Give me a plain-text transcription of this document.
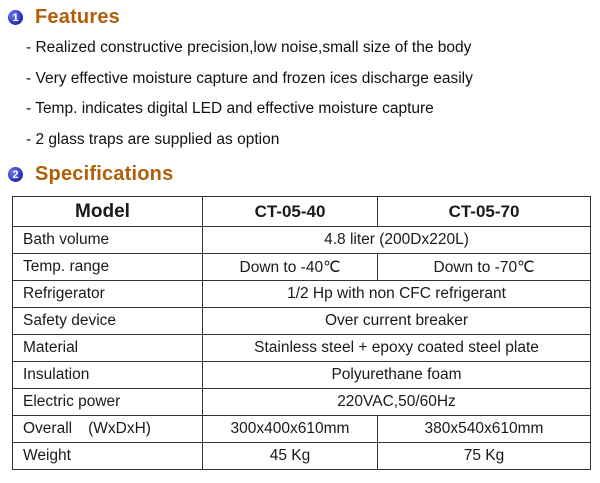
1 Features
- Realized constructive precision,low noise,small size of the body
- Very effective moisture capture and frozen ices discharge easily
- Temp. indicates digital LED and effective moisture capture
- 2 glass traps are supplied as option
2 Specifications
Model	CT-05-40	CT-05-70
Bath volume	4.8 liter (200Dx220L)	
Temp. range	Down to -40℃	Down to -70℃
Refrigerator	1/2 Hp with non CFC refrigerant	
Safety device	Over current breaker	
Material	Stainless steel + epoxy coated steel plate	
Insulation	Polyurethane foam	
Electric power	220VAC,50/60Hz	
Overall (WxDxH)	300x400x610mm	380x540x610mm
Weight	45 Kg	75 Kg
